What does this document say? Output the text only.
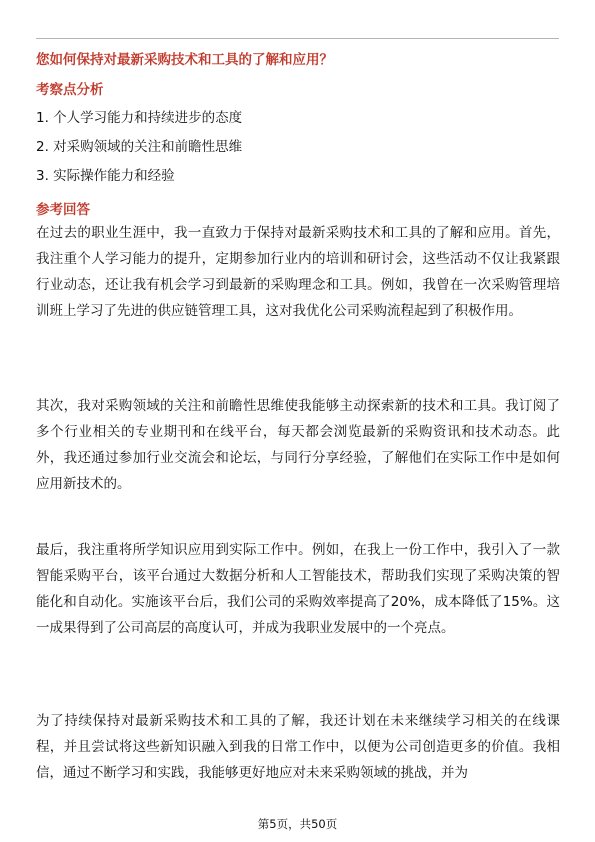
您如何保持对最新采购技术和工具的了解和应用？
考察点分析
1. 个人学习能力和持续进步的态度
2. 对采购领域的关注和前瞻性思维
3. 实际操作能力和经验
参考回答

在过去的职业生涯中，我一直致力于保持对最新采购技术和工具的了解和应用。首先，我注重个人学习能力的提升，定期参加行业内的培训和研讨会，这些活动不仅让我紧跟行业动态，还让我有机会学习到最新的采购理念和工具。例如，我曾在一次采购管理培训班上学习了先进的供应链管理工具，这对我优化公司采购流程起到了积极作用。

其次，我对采购领域的关注和前瞻性思维使我能够主动探索新的技术和工具。我订阅了多个行业相关的专业期刊和在线平台，每天都会浏览最新的采购资讯和技术动态。此外，我还通过参加行业交流会和论坛，与同行分享经验，了解他们在实际工作中是如何应用新技术的。

最后，我注重将所学知识应用到实际工作中。例如，在我上一份工作中，我引入了一款智能采购平台，该平台通过大数据分析和人工智能技术，帮助我们实现了采购决策的智能化和自动化。实施该平台后，我们公司的采购效率提高了20%，成本降低了15%。这一成果得到了公司高层的高度认可，并成为我职业发展中的一个亮点。

为了持续保持对最新采购技术和工具的了解，我还计划在未来继续学习相关的在线课程，并且尝试将这些新知识融入到我的日常工作中，以便为公司创造更多的价值。我相信，通过不断学习和实践，我能够更好地应对未来采购领域的挑战，并为

第5页，共50页
